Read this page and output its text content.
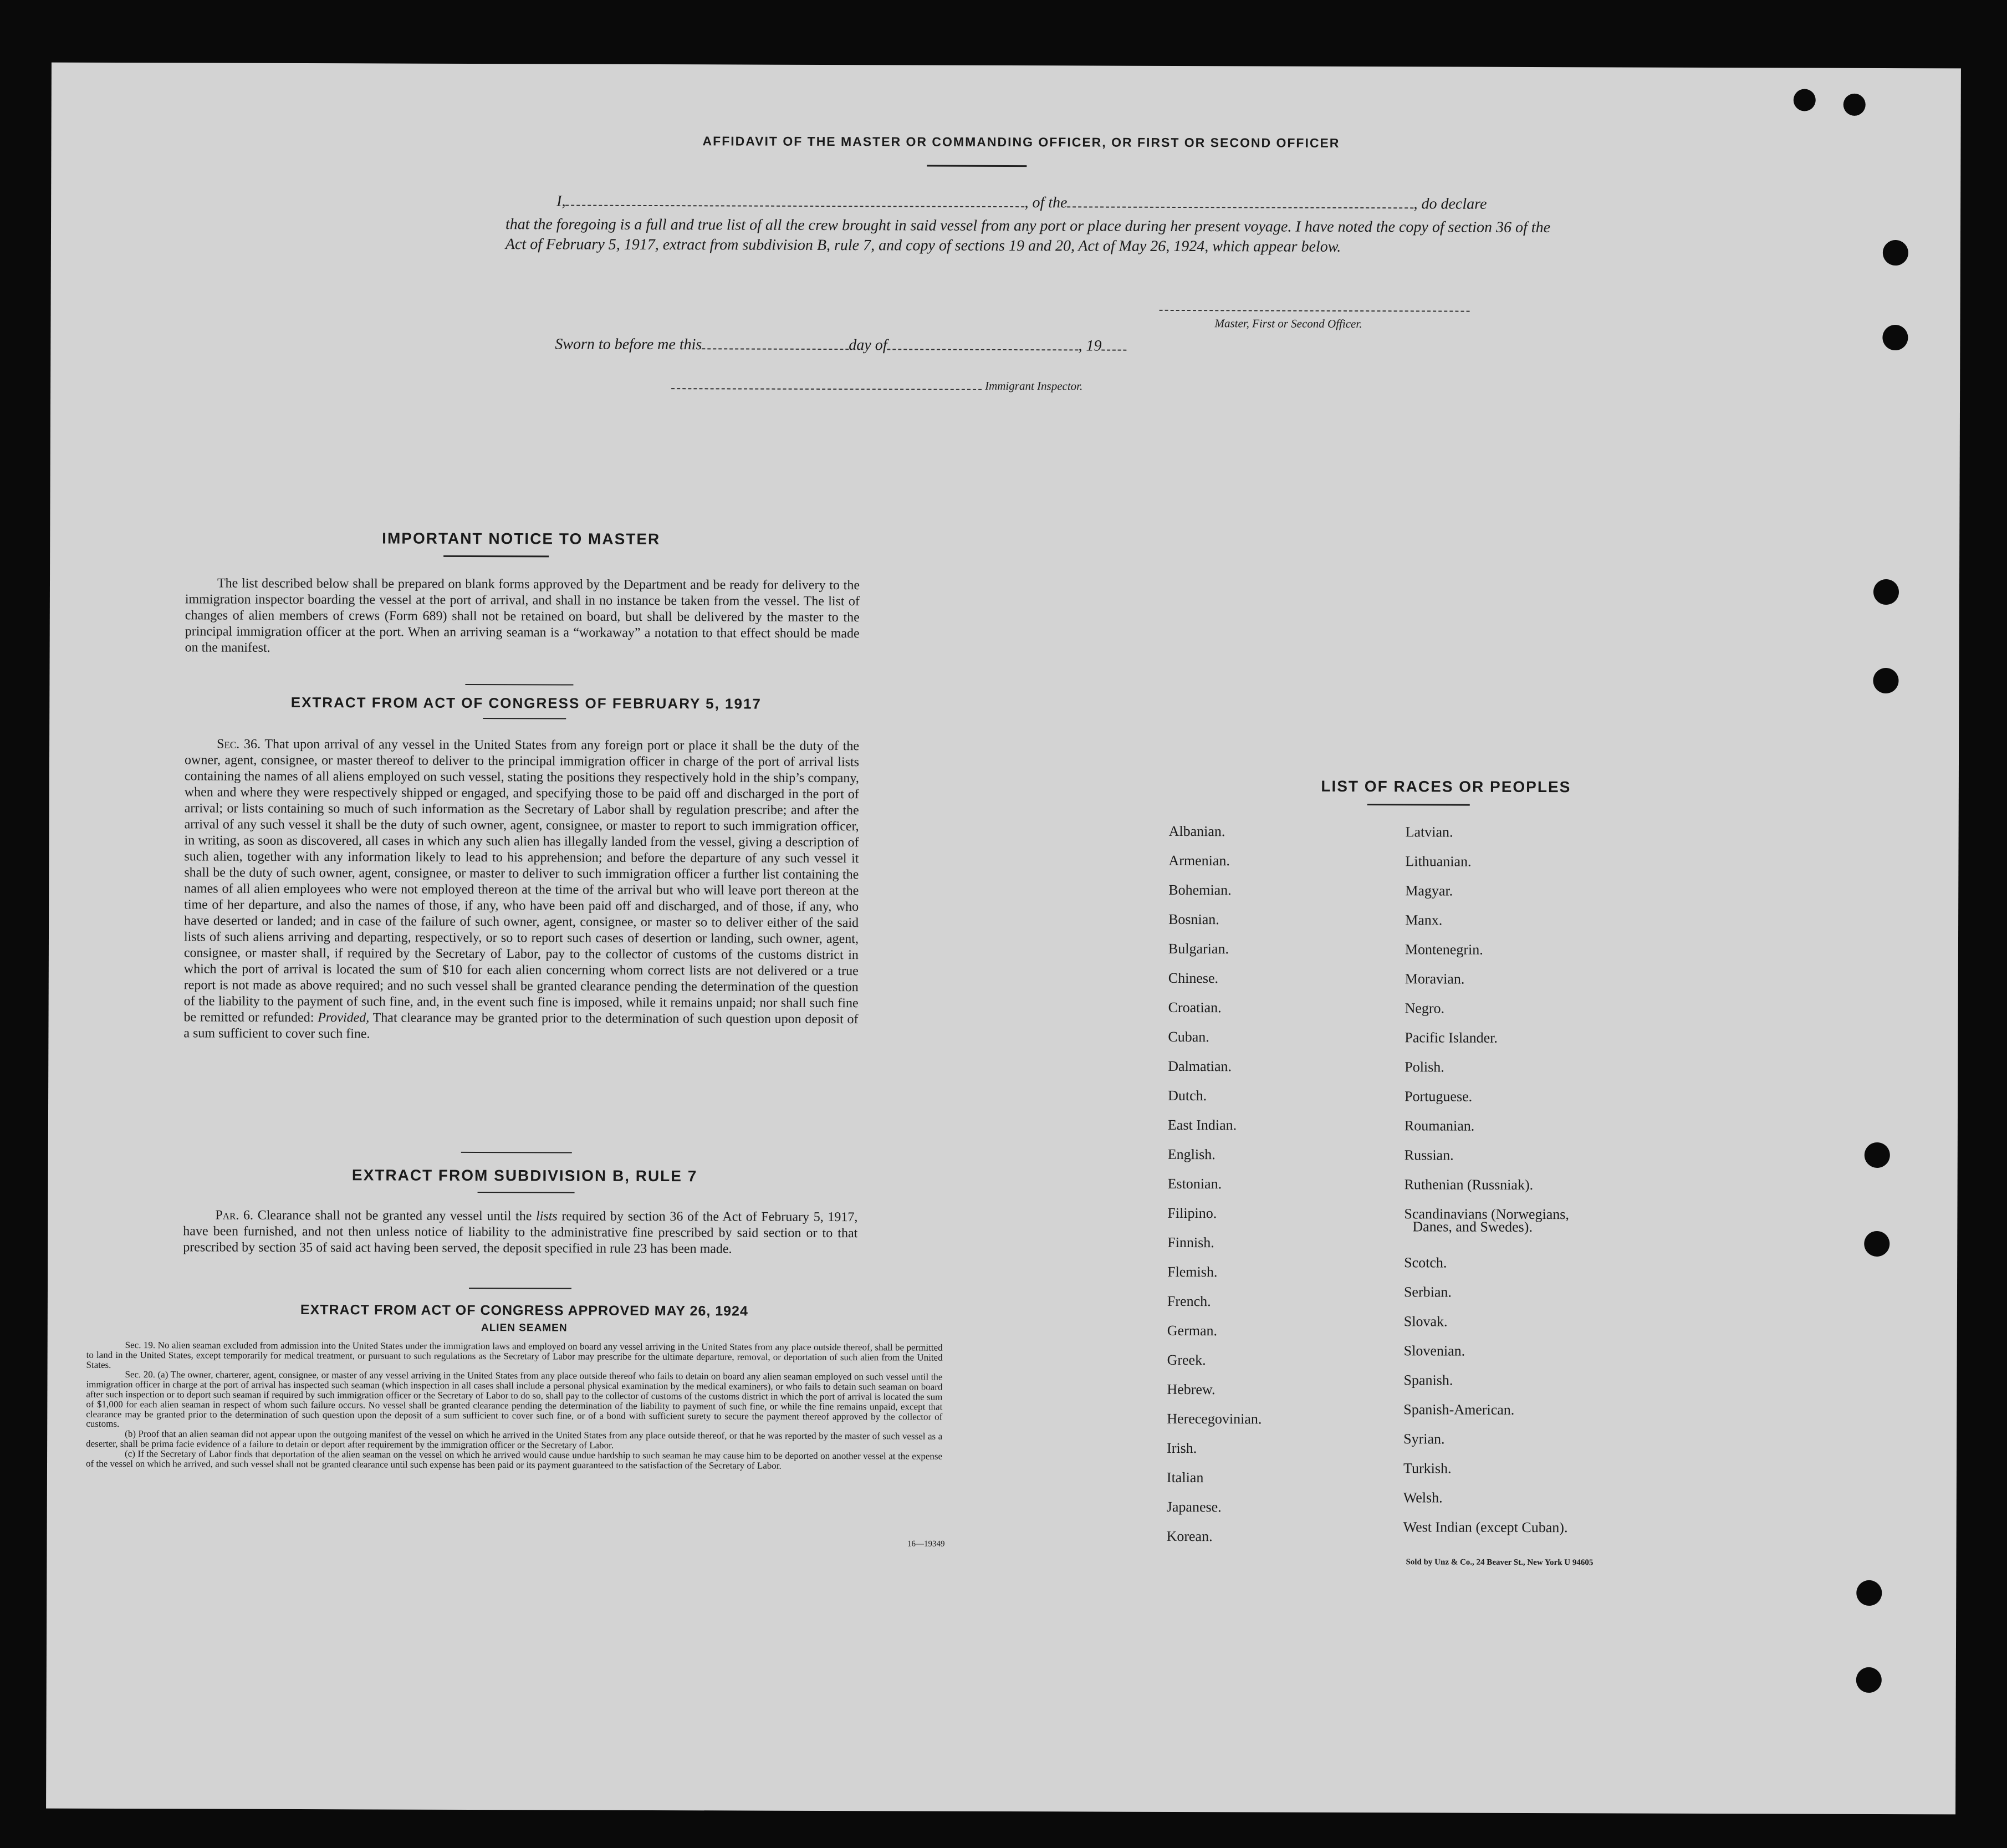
AFFIDAVIT OF THE MASTER OR COMMANDING OFFICER, OR FIRST OR SECOND OFFICER
I,	, of the	, do declare
that the foregoing is a full and true list of all the crew brought in said vessel from any port or place during her present voyage. I have noted the copy of section 36 of the Act of February 5, 1917, extract from subdivision B, rule 7, and copy of sections 19 and 20, Act of May 26, 1924, which appear below.
Master, First or Second Officer.
Sworn to before me this	day of	, 19
Immigrant Inspector.
IMPORTANT NOTICE TO MASTER
The list described below shall be prepared on blank forms approved by the Department and be ready for delivery to the immigration inspector boarding the vessel at the port of arrival, and shall in no instance be taken from the vessel. The list of changes of alien members of crews (Form 689) shall not be retained on board, but shall be delivered by the master to the principal immigration officer at the port. When an arriving seaman is a “workaway” a notation to that effect should be made on the manifest.
EXTRACT FROM ACT OF CONGRESS OF FEBRUARY 5, 1917
Sec. 36. That upon arrival of any vessel in the United States from any foreign port or place it shall be the duty of the owner, agent, consignee, or master thereof to deliver to the principal immigration officer in charge of the port of arrival lists containing the names of all aliens employed on such vessel, stating the positions they respectively hold in the ship’s company, when and where they were respectively shipped or engaged, and specifying those to be paid off and discharged in the port of arrival; or lists containing so much of such information as the Secretary of Labor shall by regulation prescribe; and after the arrival of any such vessel it shall be the duty of such owner, agent, consignee, or master to report to such immigration officer, in writing, as soon as discovered, all cases in which any such alien has illegally landed from the vessel, giving a description of such alien, together with any information likely to lead to his apprehension; and before the departure of any such vessel it shall be the duty of such owner, agent, consignee, or master to deliver to such immigration officer a further list containing the names of all alien employees who were not employed thereon at the time of the arrival but who will leave port thereon at the time of her departure, and also the names of those, if any, who have been paid off and discharged, and of those, if any, who have deserted or landed; and in case of the failure of such owner, agent, consignee, or master so to deliver either of the said lists of such aliens arriving and departing, respectively, or so to report such cases of desertion or landing, such owner, agent, consignee, or master shall, if required by the Secretary of Labor, pay to the collector of customs of the customs district in which the port of arrival is located the sum of $10 for each alien concerning whom correct lists are not delivered or a true report is not made as above required; and no such vessel shall be granted clearance pending the determination of the question of the liability to the payment of such fine, and, in the event such fine is imposed, while it remains unpaid; nor shall such fine be remitted or refunded: Provided, That clearance may be granted prior to the determination of such question upon deposit of a sum sufficient to cover such fine.
EXTRACT FROM SUBDIVISION B, RULE 7
Par. 6. Clearance shall not be granted any vessel until the lists required by section 36 of the Act of February 5, 1917, have been furnished, and not then unless notice of liability to the administrative fine prescribed by said section or to that prescribed by section 35 of said act having been served, the deposit specified in rule 23 has been made.
EXTRACT FROM ACT OF CONGRESS APPROVED MAY 26, 1924
ALIEN SEAMEN
Sec. 19. No alien seaman excluded from admission into the United States under the immigration laws and employed on board any vessel arriving in the United States from any place outside thereof, shall be permitted to land in the United States, except temporarily for medical treatment, or pursuant to such regulations as the Secretary of Labor may prescribe for the ultimate departure, removal, or deportation of such alien from the United States.
Sec. 20. (a) The owner, charterer, agent, consignee, or master of any vessel arriving in the United States from any place outside thereof who fails to detain on board any alien seaman employed on such vessel until the immigration officer in charge at the port of arrival has inspected such seaman (which inspection in all cases shall include a personal physical examination by the medical examiners), or who fails to detain such seaman on board after such inspection or to deport such seaman if required by such immigration officer or the Secretary of Labor to do so, shall pay to the collector of customs of the customs district in which the port of arrival is located the sum of $1,000 for each alien seaman in respect of whom such failure occurs. No vessel shall be granted clearance pending the determination of the liability to payment of such fine, or while the fine remains unpaid, except that clearance may be granted prior to the determination of such question upon the deposit of a sum sufficient to cover such fine, or of a bond with sufficient surety to secure the payment thereof approved by the collector of customs.
(b) Proof that an alien seaman did not appear upon the outgoing manifest of the vessel on which he arrived in the United States from any place outside thereof, or that he was reported by the master of such vessel as a deserter, shall be prima facie evidence of a failure to detain or deport after requirement by the immigration officer or the Secretary of Labor.
(c) If the Secretary of Labor finds that deportation of the alien seaman on the vessel on which he arrived would cause undue hardship to such seaman he may cause him to be deported on another vessel at the expense of the vessel on which he arrived, and such vessel shall not be granted clearance until such expense has been paid or its payment guaranteed to the satisfaction of the Secretary of Labor.
16—19349
LIST OF RACES OR PEOPLES
Danes, and Swedes).
Sold by Unz & Co., 24 Beaver St., New York U 94605
Albanian.
Armenian.
Bohemian.
Bosnian.
Bulgarian.
Chinese.
Croatian.
Cuban.
Dalmatian.
Dutch.
East Indian.
English.
Estonian.
Filipino.
Finnish.
Flemish.
French.
German.
Greek.
Hebrew.
Herecegovinian.
Irish.
Italian
Japanese.
Korean.
Latvian.
Lithuanian.
Magyar.
Manx.
Montenegrin.
Moravian.
Negro.
Pacific Islander.
Polish.
Portuguese.
Roumanian.
Russian.
Ruthenian (Russniak).
Scandinavians (Norwegians,
Scotch.
Serbian.
Slovak.
Slovenian.
Spanish.
Spanish-American.
Syrian.
Turkish.
Welsh.
West Indian (except Cuban).
